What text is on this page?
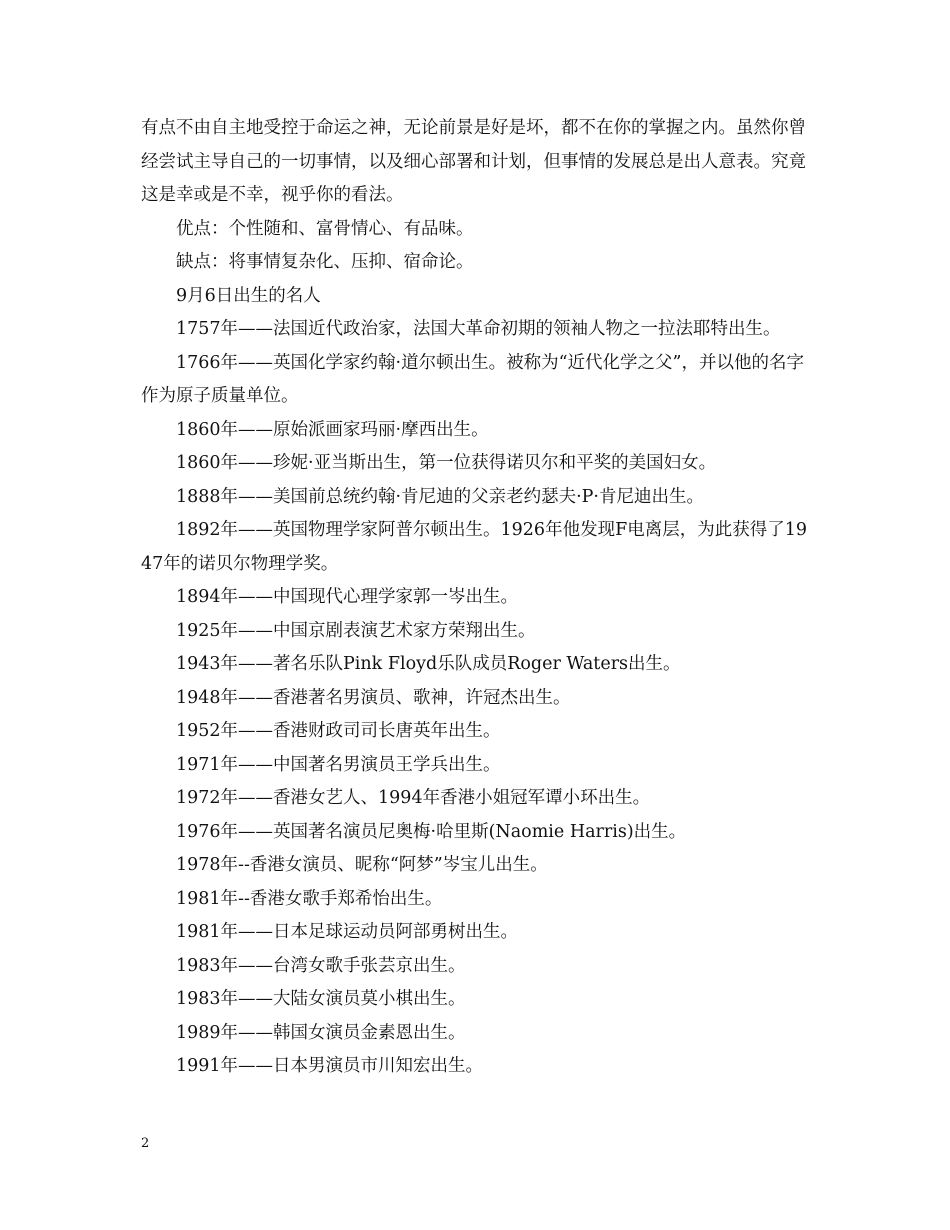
有点不由自主地受控于命运之神，无论前景是好是坏，都不在你的掌握之内。虽然你曾经尝试主导自己的一切事情，以及细心部署和计划，但事情的发展总是出人意表。究竟这是幸或是不幸，视乎你的看法。

优点：个性随和、富骨情心、有品味。

缺点：将事情复杂化、压抑、宿命论。

9月6日出生的名人

1757年——法国近代政治家，法国大革命初期的领袖人物之一拉法耶特出生。

1766年——英国化学家约翰·道尔顿出生。被称为“近代化学之父”，并以他的名字作为原子质量单位。

1860年——原始派画家玛丽·摩西出生。

1860年——珍妮·亚当斯出生，第一位获得诺贝尔和平奖的美国妇女。

1888年——美国前总统约翰·肯尼迪的父亲老约瑟夫·P·肯尼迪出生。

1892年——英国物理学家阿普尔顿出生。1926年他发现F电离层，为此获得了1947年的诺贝尔物理学奖。

1894年——中国现代心理学家郭一岑出生。

1925年——中国京剧表演艺术家方荣翔出生。

1943年——著名乐队Pink Floyd乐队成员Roger Waters出生。

1948年——香港著名男演员、歌神，许冠杰出生。

1952年——香港财政司司长唐英年出生。

1971年——中国著名男演员王学兵出生。

1972年——香港女艺人、1994年香港小姐冠军谭小环出生。

1976年——英国著名演员尼奥梅·哈里斯(Naomie Harris)出生。

1978年--香港女演员、昵称“阿梦”岑宝儿出生。

1981年--香港女歌手郑希怡出生。

1981年——日本足球运动员阿部勇树出生。

1983年——台湾女歌手张芸京出生。

1983年——大陆女演员莫小棋出生。

1989年——韩国女演员金素恩出生。

1991年——日本男演员市川知宏出生。

2
